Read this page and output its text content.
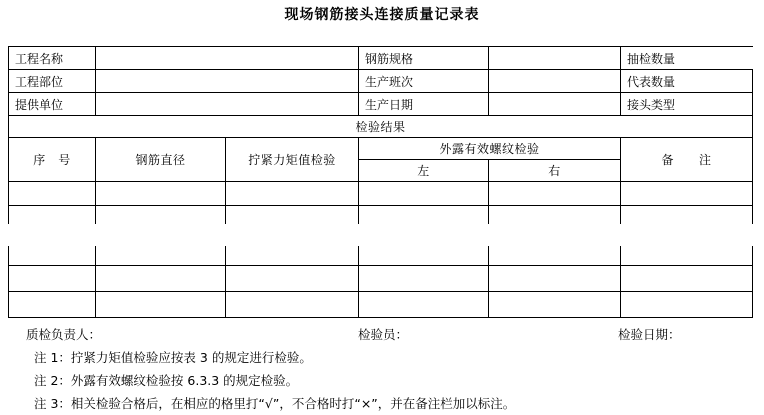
现场钢筋接头连接质量记录表
工程名称			钢筋规格		抽检数量
工程部位			生产班次		代表数量
提供单位			生产日期		接头类型
检验结果					
序　号	钢筋直径	拧紧力矩值检验	外露有效螺纹检验		备　　注
			左	右	

质检负责人：	检验员：	检验日期：
注 1：拧紧力矩值检验应按表 3 的规定进行检验。
注 2：外露有效螺纹检验按 6.3.3 的规定检验。
注 3：相关检验合格后，在相应的格里打“√”，不合格时打“×”，并在备注栏加以标注。
